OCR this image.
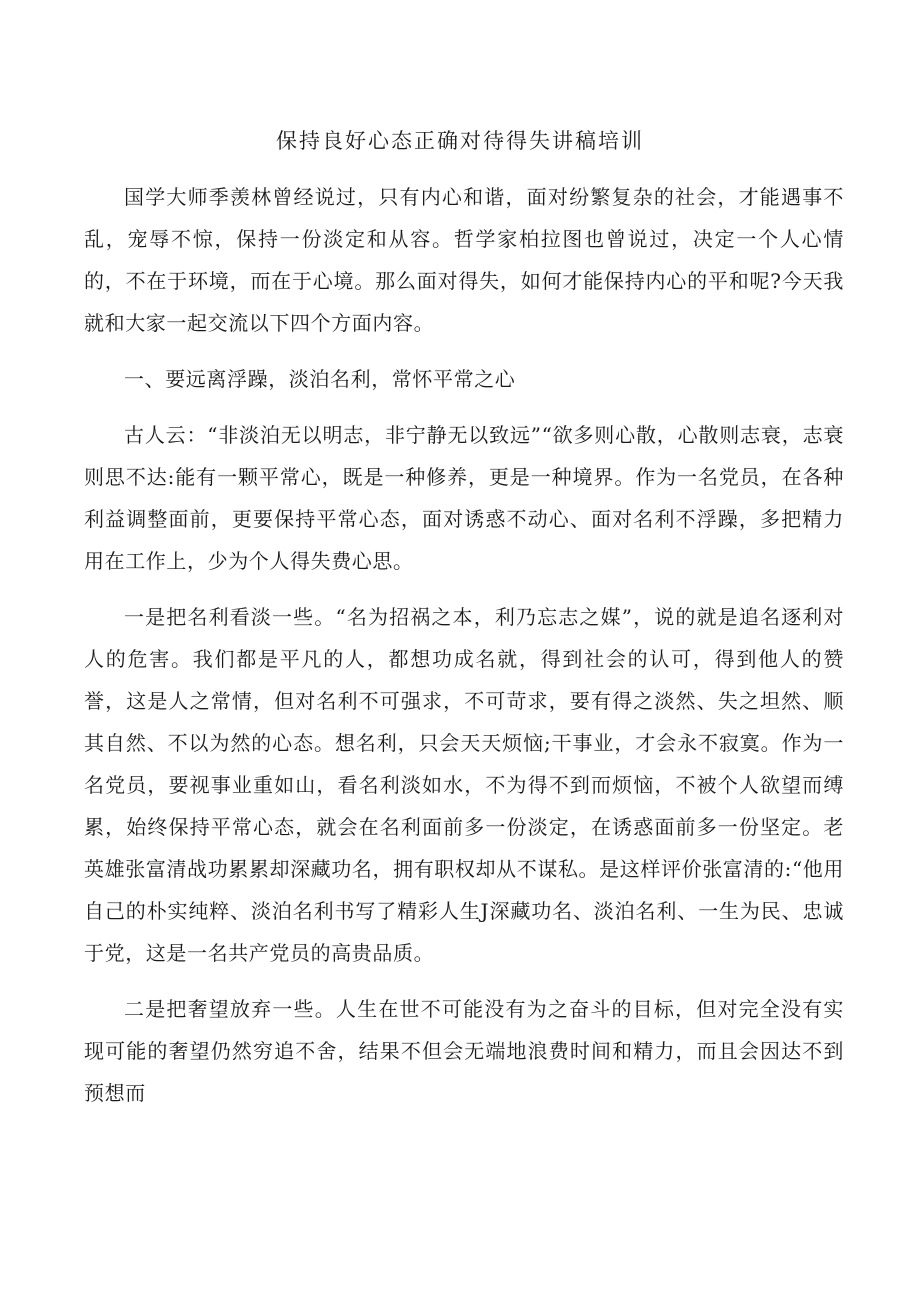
保持良好心态正确对待得失讲稿培训

国学大师季羡林曾经说过，只有内心和谐，面对纷繁复杂的社会，才能遇事不乱，宠辱不惊，保持一份淡定和从容。哲学家柏拉图也曾说过，决定一个人心情的，不在于环境，而在于心境。那么面对得失，如何才能保持内心的平和呢?今天我就和大家一起交流以下四个方面内容。

一、要远离浮躁，淡泊名利，常怀平常之心

古人云：“非淡泊无以明志，非宁静无以致远”“欲多则心散，心散则志衰，志衰则思不达:能有一颗平常心，既是一种修养，更是一种境界。作为一名党员，在各种利益调整面前，更要保持平常心态，面对诱惑不动心、面对名利不浮躁，多把精力用在工作上，少为个人得失费心思。

一是把名利看淡一些。“名为招祸之本，利乃忘志之媒”，说的就是追名逐利对人的危害。我们都是平凡的人，都想功成名就，得到社会的认可，得到他人的赞誉，这是人之常情，但对名利不可强求，不可苛求，要有得之淡然、失之坦然、顺其自然、不以为然的心态。想名利，只会天天烦恼;干事业，才会永不寂寞。作为一名党员，要视事业重如山，看名利淡如水，不为得不到而烦恼，不被个人欲望而缚累，始终保持平常心态，就会在名利面前多一份淡定，在诱惑面前多一份坚定。老英雄张富清战功累累却深藏功名，拥有职权却从不谋私。是这样评价张富清的:“他用自己的朴实纯粹、淡泊名利书写了精彩人生J深藏功名、淡泊名利、一生为民、忠诚于党，这是一名共产党员的高贵品质。

二是把奢望放弃一些。人生在世不可能没有为之奋斗的目标，但对完全没有实现可能的奢望仍然穷追不舍，结果不但会无端地浪费时间和精力，而且会因达不到预想而
